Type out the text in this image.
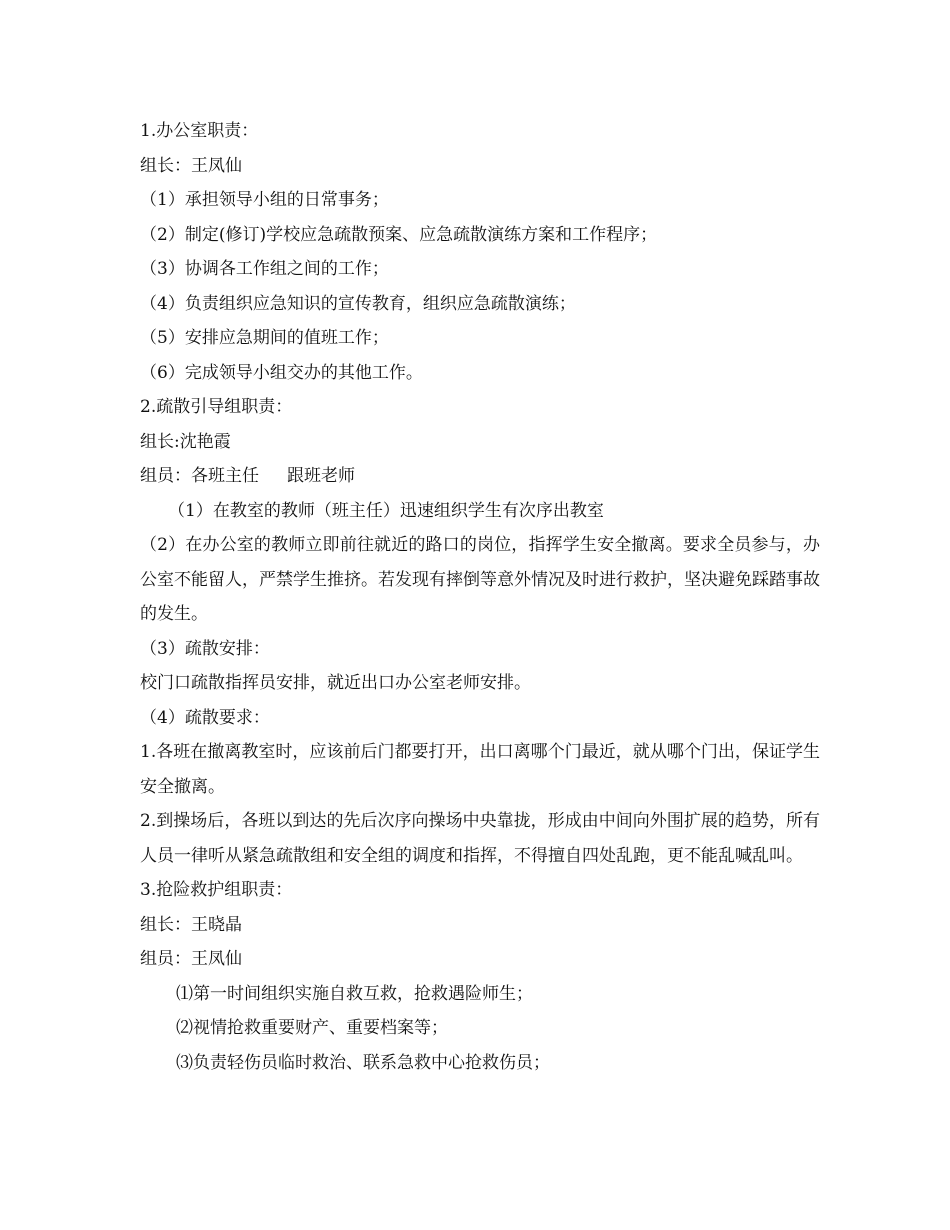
1.办公室职责：
组长：王凤仙
（1）承担领导小组的日常事务；
（2）制定(修订)学校应急疏散预案、应急疏散演练方案和工作程序；
（3）协调各工作组之间的工作；
（4）负责组织应急知识的宣传教育，组织应急疏散演练；
（5）安排应急期间的值班工作；
（6）完成领导小组交办的其他工作。
2.疏散引导组职责：
组长:沈艳霞
组员：各班主任 跟班老师
（1）在教室的教师（班主任）迅速组织学生有次序出教室
（2）在办公室的教师立即前往就近的路口的岗位，指挥学生安全撤离。要求全员参与，办公室不能留人，严禁学生推挤。若发现有摔倒等意外情况及时进行救护，坚决避免踩踏事故的发生。
（3）疏散安排：
校门口疏散指挥员安排，就近出口办公室老师安排。
（4）疏散要求：
1.各班在撤离教室时，应该前后门都要打开，出口离哪个门最近，就从哪个门出，保证学生安全撤离。
2.到操场后，各班以到达的先后次序向操场中央靠拢，形成由中间向外围扩展的趋势，所有人员一律听从紧急疏散组和安全组的调度和指挥，不得擅自四处乱跑，更不能乱喊乱叫。
3.抢险救护组职责：
组长：王晓晶
组员：王凤仙
⑴第一时间组织实施自救互救，抢救遇险师生；
⑵视情抢救重要财产、重要档案等；
⑶负责轻伤员临时救治、联系急救中心抢救伤员；
